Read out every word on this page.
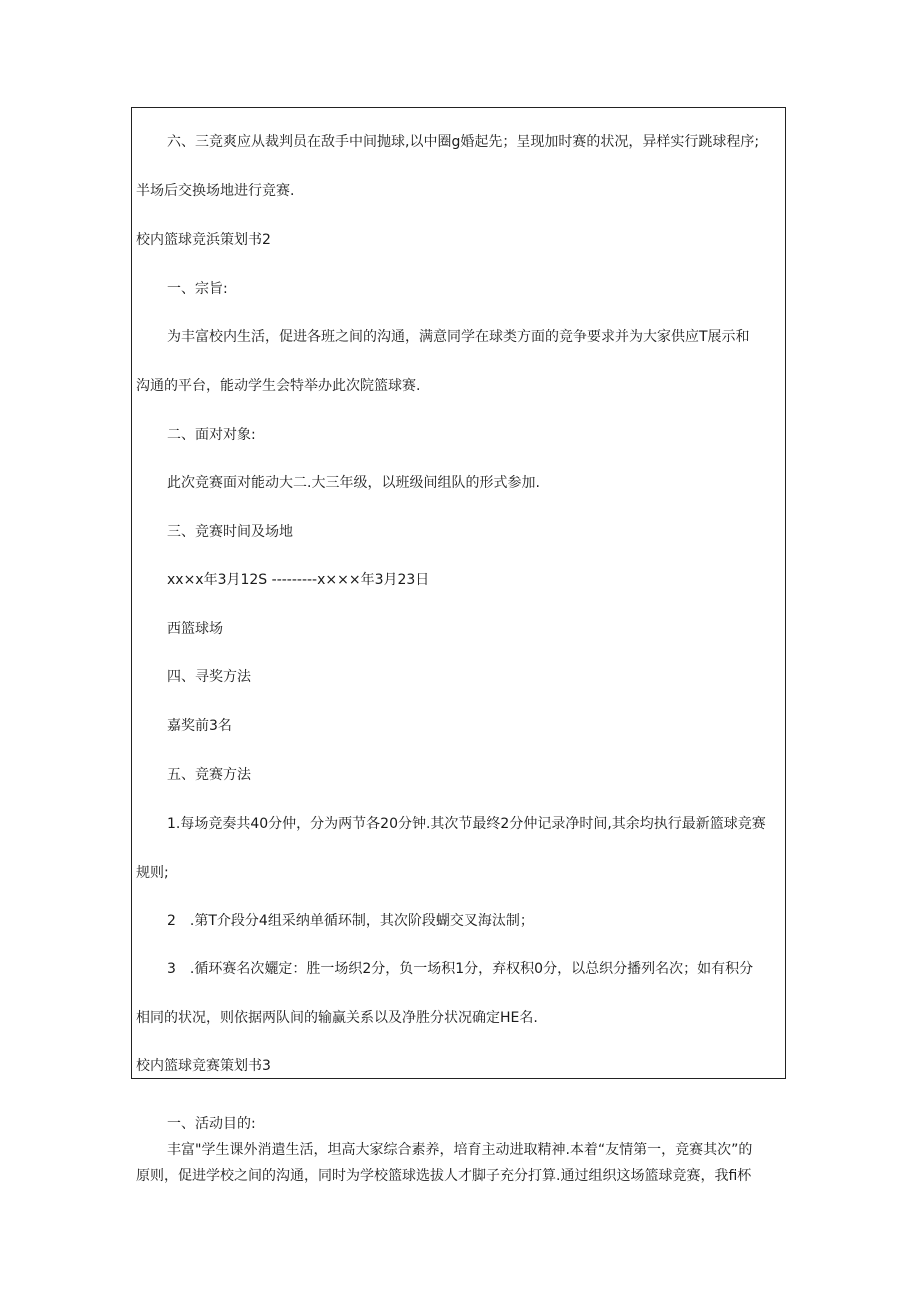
六、三竞爽应从裁判员在敌手中间抛球,以中圈g婚起先；呈现加时赛的状况，异样实行跳球程序;
半场后交换场地进行竞赛.
校内篮球竞浜策划书2
一、宗旨:
为丰富校内生活，促进各班之间的沟通，满意同学在球类方面的竞争要求并为大家供应T展示和
沟通的平台，能动学生会特举办此次院篮球赛.
二、面对对象:
此次竞赛面对能动大二.大三年级，以班级间组队的形式参加.
三、竞赛时间及场地
xx×x年3月12S ---------x×××年3月23日
西篮球场
四、寻奖方法
嘉奖前3名
五、竞赛方法
1.每场竞奏共40分仲，分为两节各20分钟.其次节最终2分仲记录净时间,其余均执行最新篮球竞赛
规则;
2　.第T介段分4组采纳单循环制，其次阶段蝴交叉海汰制；
3　.循环赛名次孋定：胜一场织2分，负一场积1分，弃权积0分，以总织分播列名次；如有积分
相同的状况，则依据两队间的输赢关系以及净胜分状况确定HE名.
校内篮球竞赛策划书3
一、活动目的:
丰富"学生课外消遣生活，坦高大家综合素养，培育主动进取精神.本着“友情第一，竞赛其次”的
原则，促进学校之间的沟通，同时为学校篮球选拔人才脚子充分打算.通过组织这场篮球竞赛，我fi杯
